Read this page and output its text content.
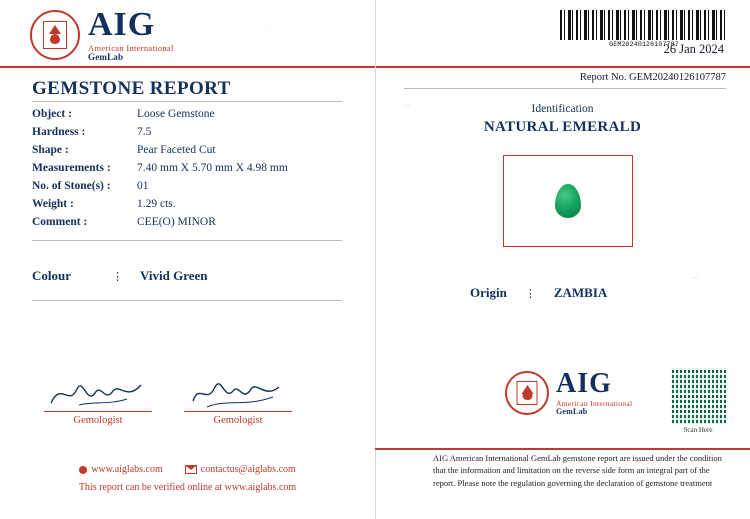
·
○
⌒
AIG
American International
GemLab
GEM20240126107787
26 Jan 2024
Report No. GEM20240126107787
GEMSTONE REPORT
Object :	Loose Gemstone
Hardness :	7.5
Shape :	Pear Faceted Cut
Measurements :	7.40 mm X 5.70 mm X 4.98 mm
No. of Stone(s) :	01
Weight :	1.29 cts.
Comment :	CEE(O) MINOR
Colour	⋮ Vivid Green
Identification
NATURAL EMERALD
Origin ⋮ ZAMBIA
Gemologist	Gemologist
www.aiglabs.com	contactus@aiglabs.com
This report can be verified online at www.aiglabs.com
AIG
American International
GemLab
Scan Here
AIG American International GemLab gemstone report are issued under the condition that the information and limitation on the reverse side form an integral part of the report. Please note the regulation governing the declaration of gemstone treatment
